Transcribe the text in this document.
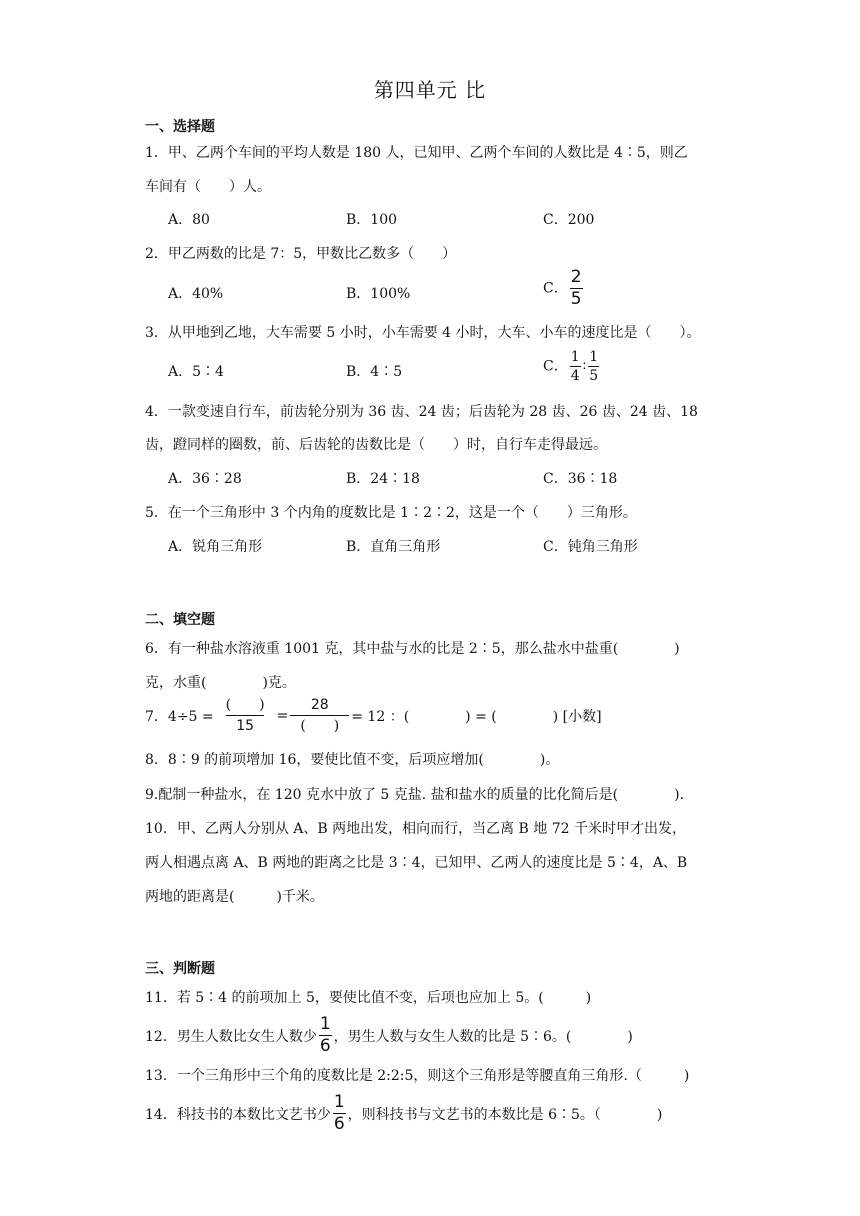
第四单元 比
一、选择题
1．甲、乙两个车间的平均人数是 180 人，已知甲、乙两个车间的人数比是 4∶5，则乙
车间有（　　）人。
A．80	B．100	C．200
2．甲乙两数的比是 7：5，甲数比乙数多（　　）
A．40%	B．100%	C． $\frac{2}{5}$
3．从甲地到乙地，大车需要 5 小时，小车需要 4 小时，大车、小车的速度比是（　　）。
A．5∶4	B．4∶5	C． $\frac{1}{4}$ ∶ $\frac{1}{5}$
4．一款变速自行车，前齿轮分别为 36 齿、24 齿；后齿轮为 28 齿、26 齿、24 齿、18
齿，蹬同样的圈数，前、后齿轮的齿数比是（　　）时，自行车走得最远。
A．36∶28	B．24∶18	C．36∶18
5．在一个三角形中 3 个内角的度数比是 1∶2∶2，这是一个（　　）三角形。
A．锐角三角形	B．直角三角形	C．钝角三角形
二、填空题
6．有一种盐水溶液重 1001 克，其中盐与水的比是 2∶5，那么盐水中盐重(　　　　)
克，水重(　　　　)克。
7．$4\div 5 = \frac{( )}{15} = \frac{28}{( )} = 12$ ：(　　　　) = (　　　　) [小数]
8．8∶9 的前项增加 16，要使比值不变，后项应增加(　　　　)。
9.配制一种盐水，在 120 克水中放了 5 克盐. 盐和盐水的质量的比化简后是(　　　　).
10．甲、乙两人分别从 A、B 两地出发，相向而行，当乙离 B 地 72 千米时甲才出发，
两人相遇点离 A、B 两地的距离之比是 3∶4，已知甲、乙两人的速度比是 5∶4，A、B
两地的距离是(　　　)千米。
三、判断题
11．若 5∶4 的前项加上 5，要使比值不变，后项也应加上 5。(　　　)
12．男生人数比女生人数少 $\frac{1}{6}$ ，男生人数与女生人数的比是 5∶6。(　　　　)
13．一个三角形中三个角的度数比是 2:2:5，则这个三角形是等腰直角三角形.（　　　)
14．科技书的本数比文艺书少 $\frac{1}{6}$ ，则科技书与文艺书的本数比是 6∶5。（　　　　)
